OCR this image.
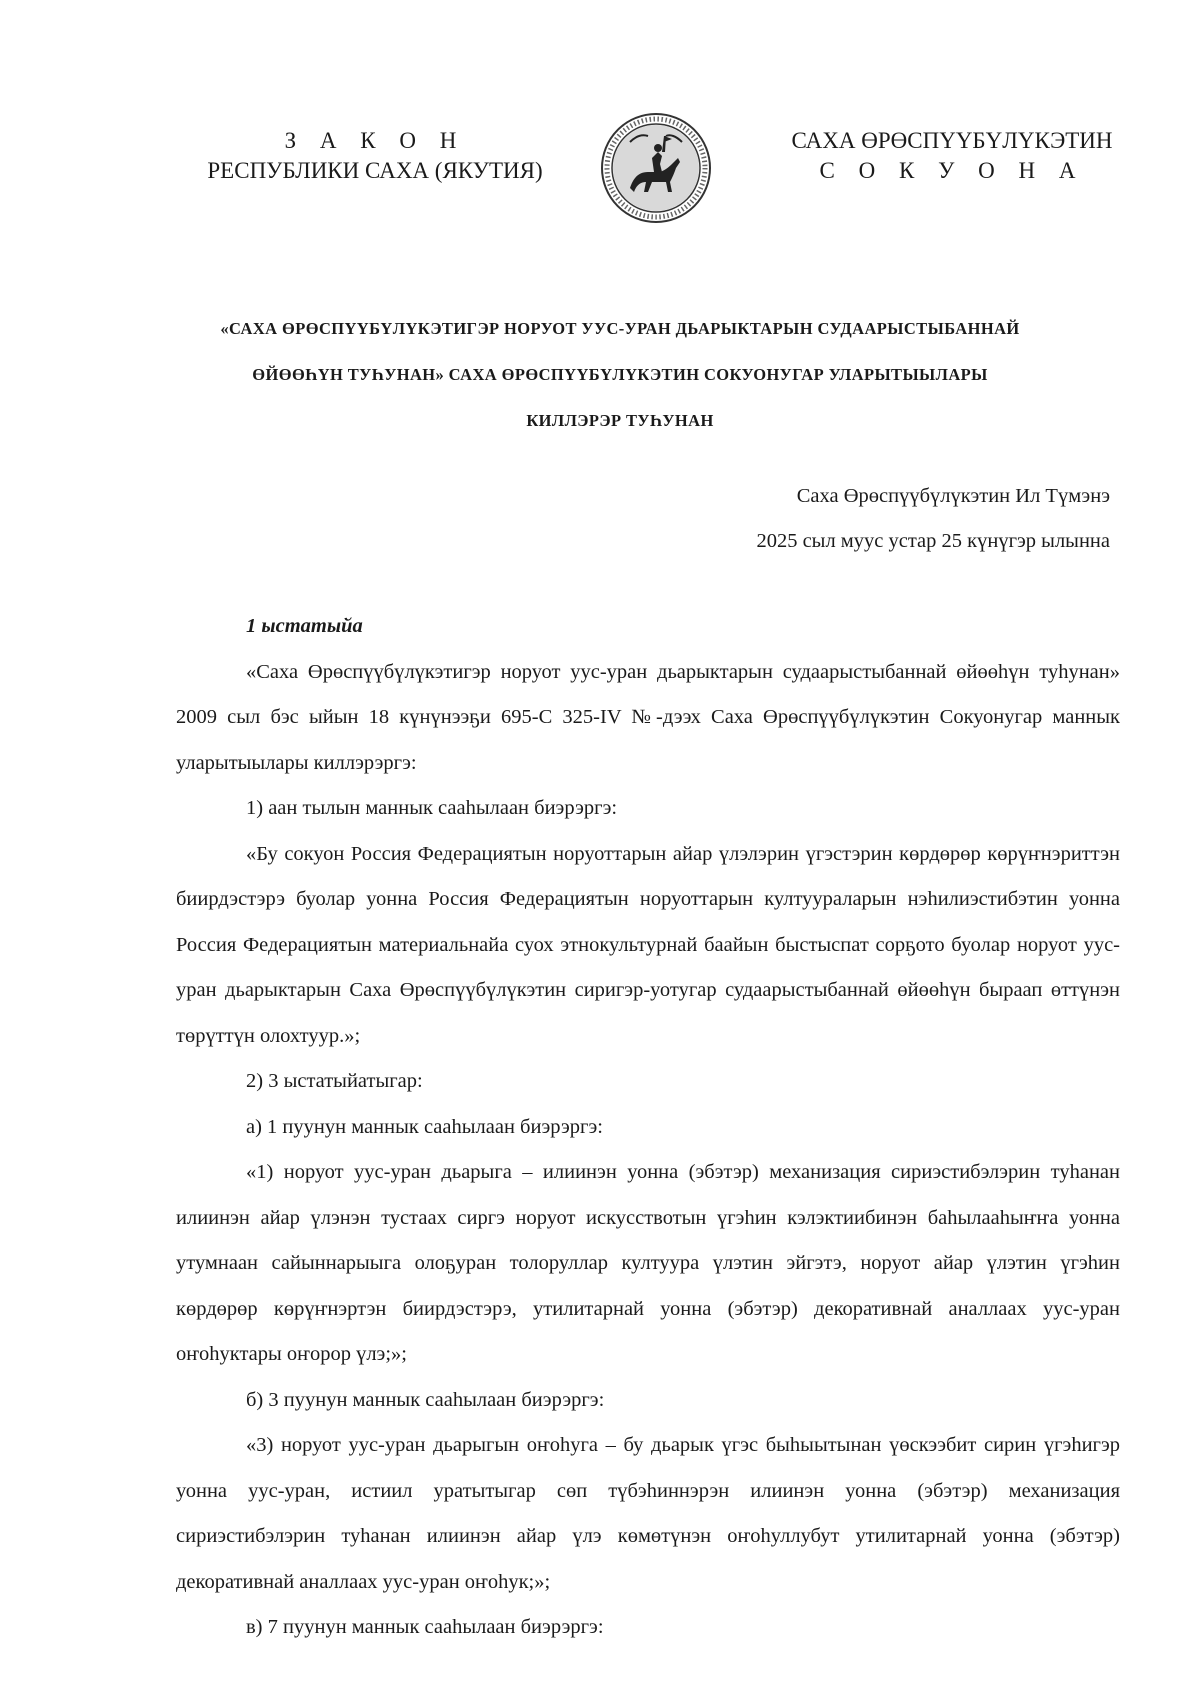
З А К О Н
РЕСПУБЛИКИ САХА (ЯКУТИЯ)
САХА ӨРӨСПҮҮБҮЛҮКЭТИН
С О К У О Н А
«САХА ӨРӨСПҮҮБҮЛҮКЭТИГЭР НОРУОТ УУС-УРАН ДЬАРЫКТАРЫН СУДААРЫСТЫБАННАЙ
ӨЙӨӨҺҮН ТУҺУНАН» САХА ӨРӨСПҮҮБҮЛҮКЭТИН СОКУОНУГАР УЛАРЫТЫЫЛАРЫ
КИЛЛЭРЭР ТУҺУНАН
Саха Өрөспүүбүлүкэтин Ил Түмэнэ
2025 сыл муус устар 25 күнүгэр ылынна

1 ыстатыйа

«Саха Өрөспүүбүлүкэтигэр норуот уус-уран дьарыктарын судаарыстыбаннай өйөөһүн туһунан» 2009 сыл бэс ыйын 18 күнүнээҕи 695-С 325-IV №-дээх Саха Өрөспүүбүлүкэтин Сокуонугар маннык уларытыылары киллэрэргэ:

1) аан тылын маннык сааһылаан биэрэргэ:

«Бу сокуон Россия Федерациятын норуоттарын айар үлэлэрин үгэстэрин көрдөрөр көрүҥнэриттэн биирдэстэрэ буолар уонна Россия Федерациятын норуоттарын култуураларын нэһилиэстибэтин уонна Россия Федерациятын материальнайа суох этнокультурнай баайын быстыспат сорҕото буолар норуот уус-уран дьарыктарын Саха Өрөспүүбүлүкэтин сиригэр-уотугар судаарыстыбаннай өйөөһүн быраап өттүнэн төрүттүн олохтуур.»;

2) 3 ыстатыйатыгар:

а) 1 пуунун маннык сааһылаан биэрэргэ:

«1) норуот уус-уран дьарыга – илиинэн уонна (эбэтэр) механизация сириэстибэлэрин туһанан илиинэн айар үлэнэн тустаах сиргэ норуот искусствотын үгэһин кэлэктиибинэн баһылааһыҥҥа уонна утумнаан сайыннарыыга олоҕуран толоруллар култуура үлэтин эйгэтэ, норуот айар үлэтин үгэһин көрдөрөр көрүҥнэртэн биирдэстэрэ, утилитарнай уонна (эбэтэр) декоративнай аналлаах уус-уран оҥоһуктары оҥорор үлэ;»;

б) 3 пуунун маннык сааһылаан биэрэргэ:

«3) норуот уус-уран дьарыгын оҥоһуга – бу дьарык үгэс быһыытынан үөскээбит сирин үгэһигэр уонна уус-уран, истиил уратытыгар сөп түбэһиннэрэн илиинэн уонна (эбэтэр) механизация сириэстибэлэрин туһанан илиинэн айар үлэ көмөтүнэн оҥоһуллубут утилитарнай уонна (эбэтэр) декоративнай аналлаах уус-уран оҥоһук;»;

в) 7 пуунун маннык сааһылаан биэрэргэ:
